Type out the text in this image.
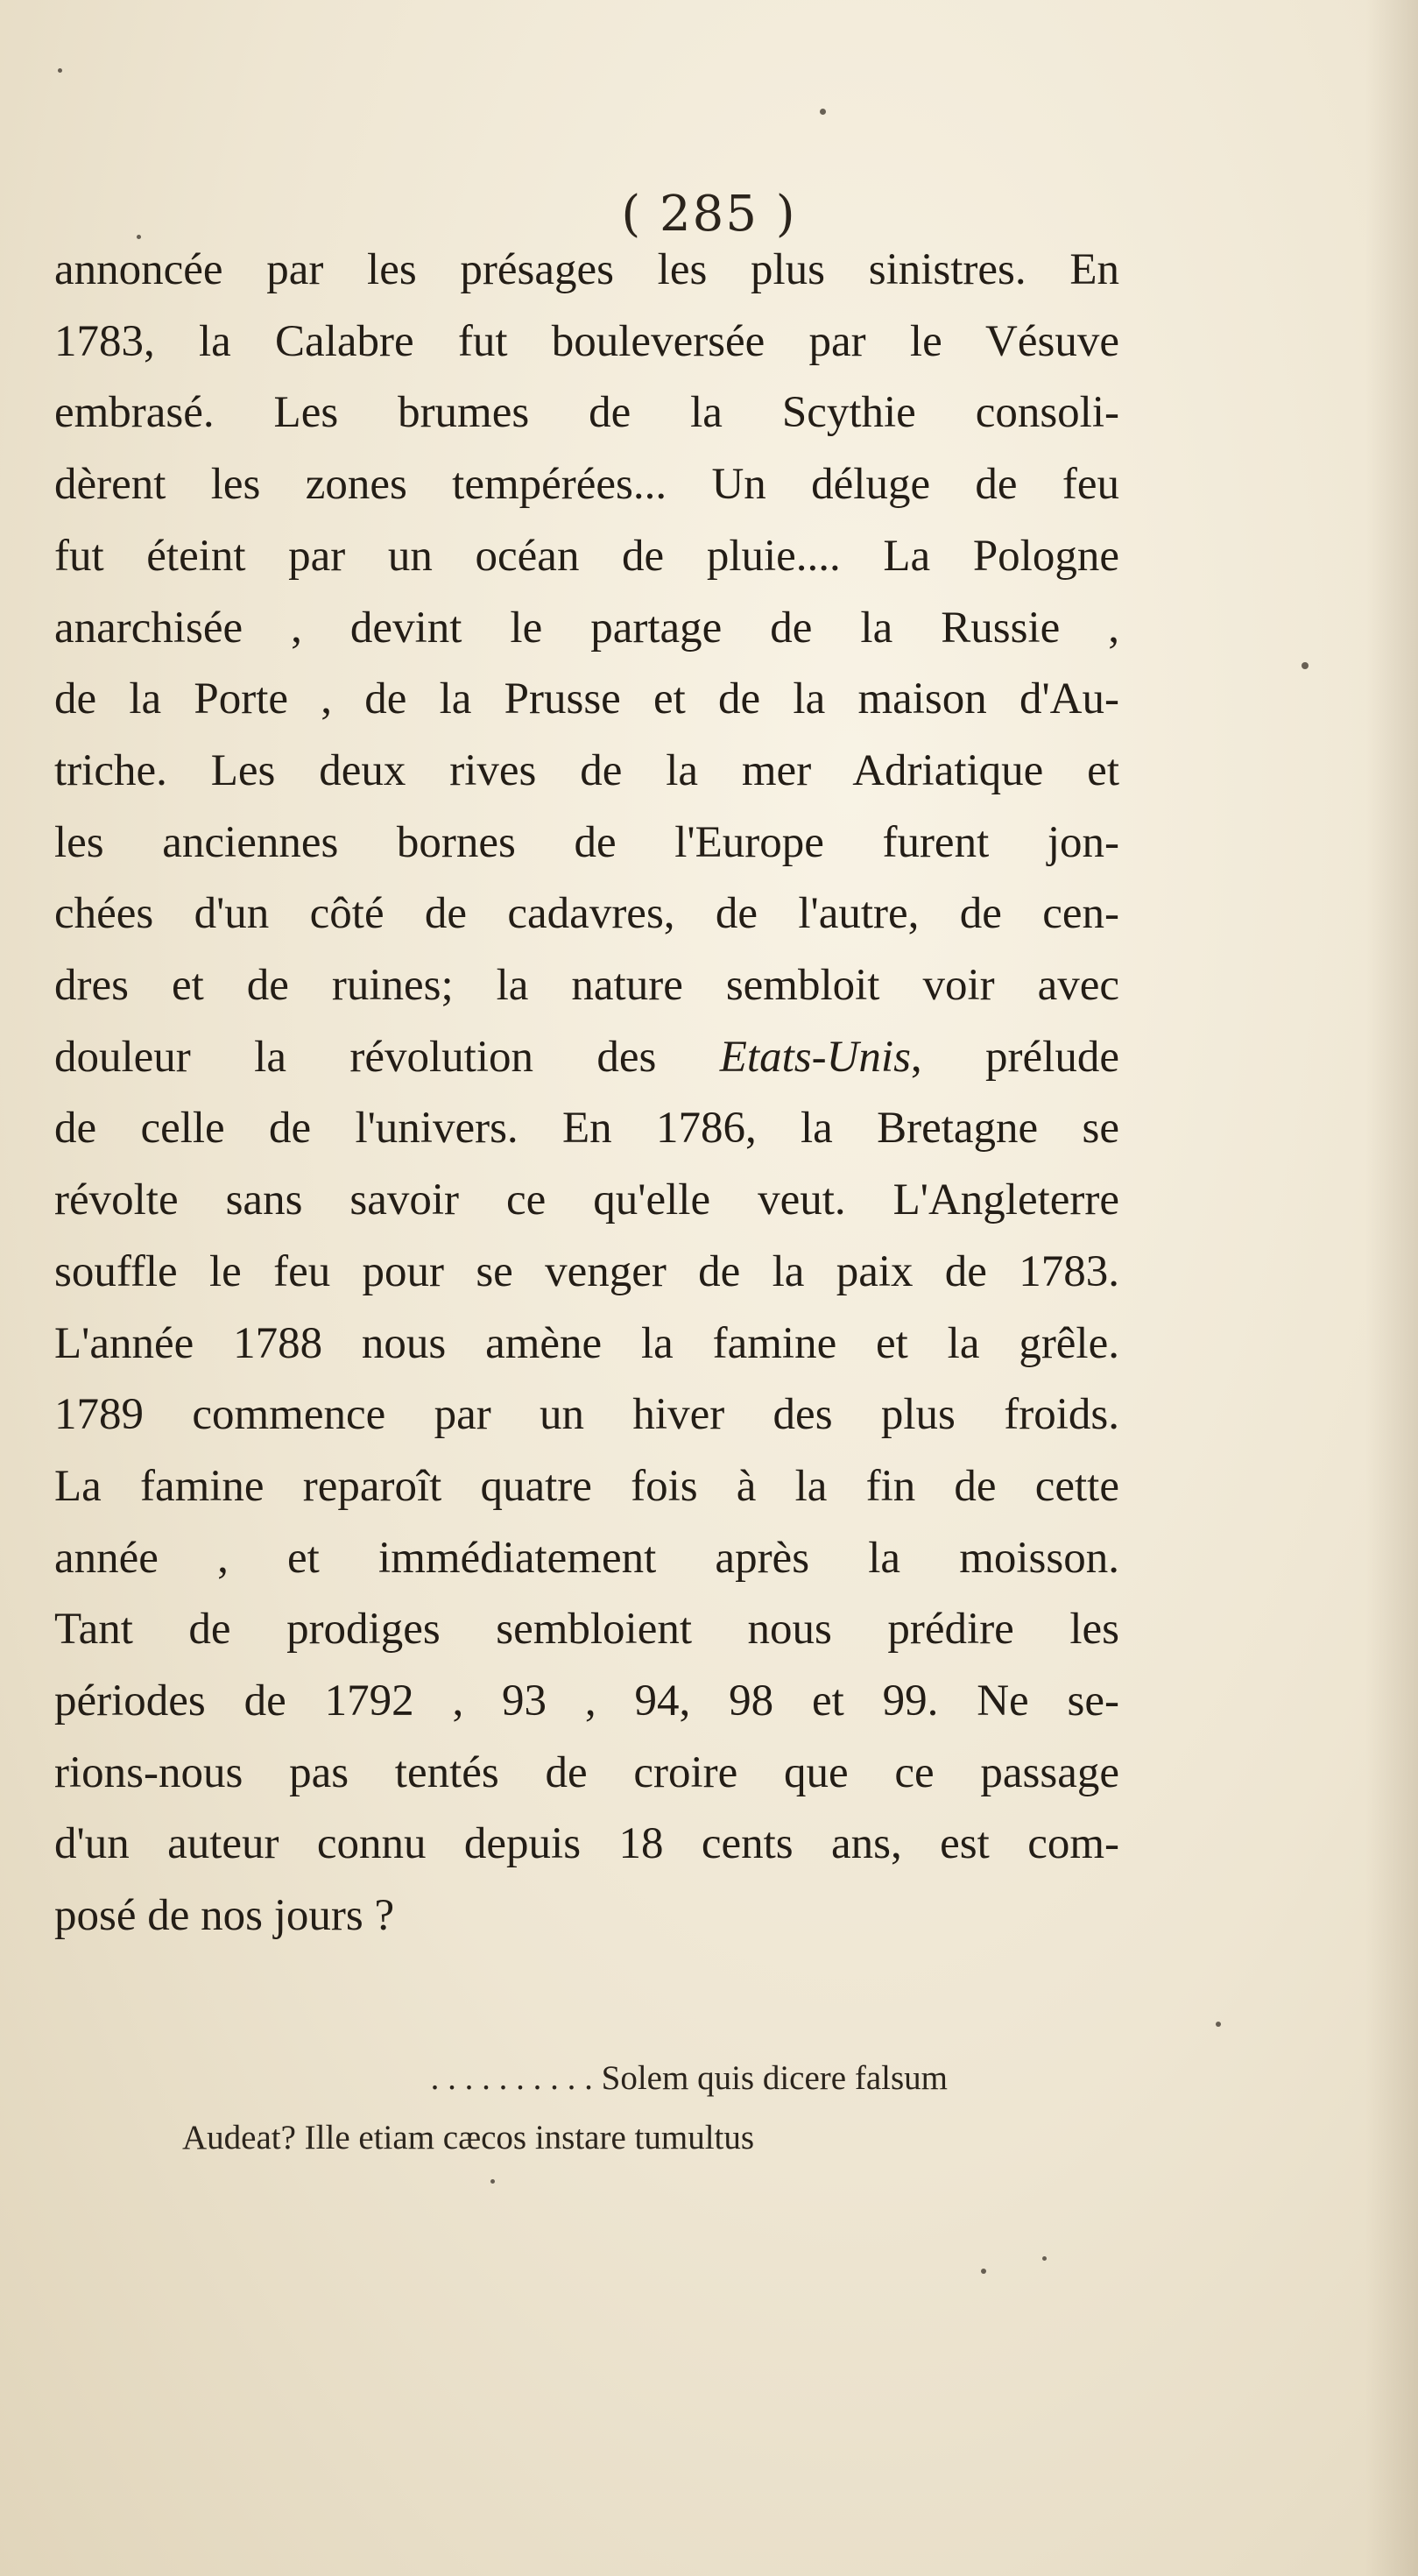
( 285 )
annoncée par les présages les plus sinistres. En
1783, la Calabre fut bouleversée par le Vésuve
embrasé. Les brumes de la Scythie consoli-
dèrent les zones tempérées... Un déluge de feu
fut éteint par un océan de pluie.... La Pologne
anarchisée , devint le partage de la Russie ,
de la Porte , de la Prusse et de la maison d'Au-
triche. Les deux rives de la mer Adriatique et
les anciennes bornes de l'Europe furent jon-
chées d'un côté de cadavres, de l'autre, de cen-
dres et de ruines; la nature sembloit voir avec
douleur la révolution des Etats-Unis, prélude
de celle de l'univers. En 1786, la Bretagne se
révolte sans savoir ce qu'elle veut. L'Angleterre
souffle le feu pour se venger de la paix de 1783.
L'année 1788 nous amène la famine et la grêle.
1789 commence par un hiver des plus froids.
La famine reparoît quatre fois à la fin de cette
année , et immédiatement après la moisson.
Tant de prodiges sembloient nous prédire les
périodes de 1792 , 93 , 94, 98 et 99. Ne se-
rions-nous pas tentés de croire que ce passage
d'un auteur connu depuis 18 cents ans, est com-
posé de nos jours ?
. . . . . . . . . . Solem quis dicere falsum
Audeat? Ille etiam cæcos instare tumultus
